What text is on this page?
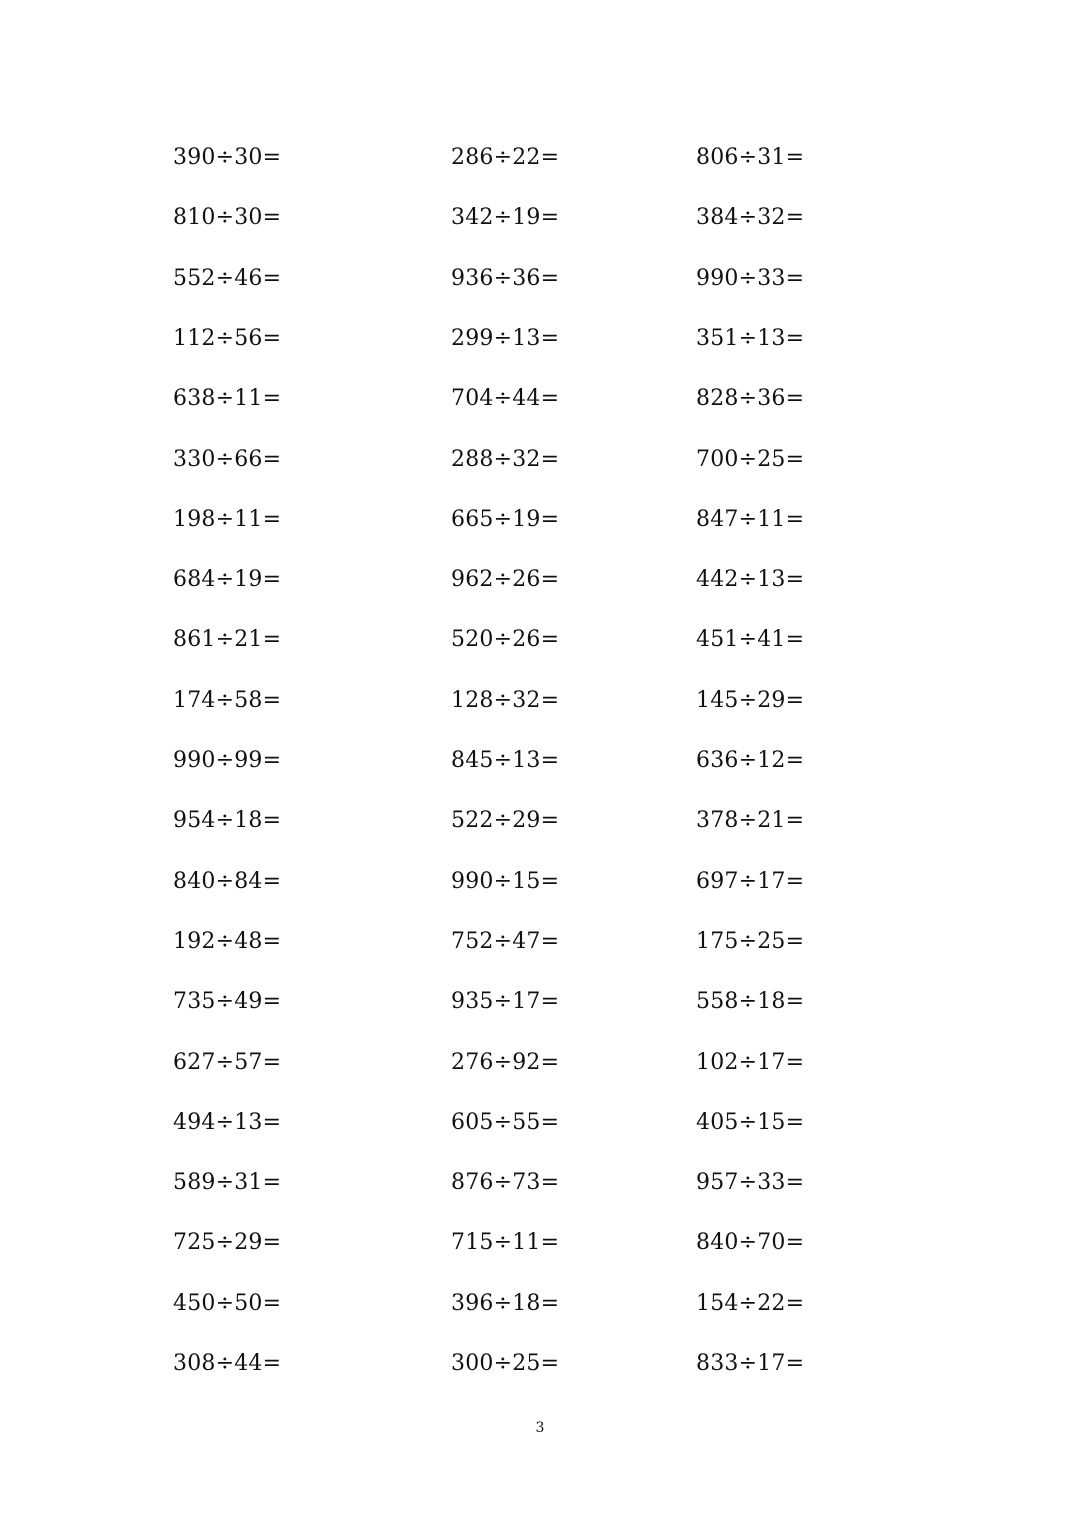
390÷30=	286÷22=	806÷31=
810÷30=	342÷19=	384÷32=
552÷46=	936÷36=	990÷33=
112÷56=	299÷13=	351÷13=
638÷11=	704÷44=	828÷36=
330÷66=	288÷32=	700÷25=
198÷11=	665÷19=	847÷11=
684÷19=	962÷26=	442÷13=
861÷21=	520÷26=	451÷41=
174÷58=	128÷32=	145÷29=
990÷99=	845÷13=	636÷12=
954÷18=	522÷29=	378÷21=
840÷84=	990÷15=	697÷17=
192÷48=	752÷47=	175÷25=
735÷49=	935÷17=	558÷18=
627÷57=	276÷92=	102÷17=
494÷13=	605÷55=	405÷15=
589÷31=	876÷73=	957÷33=
725÷29=	715÷11=	840÷70=
450÷50=	396÷18=	154÷22=
308÷44=	300÷25=	833÷17=
3
